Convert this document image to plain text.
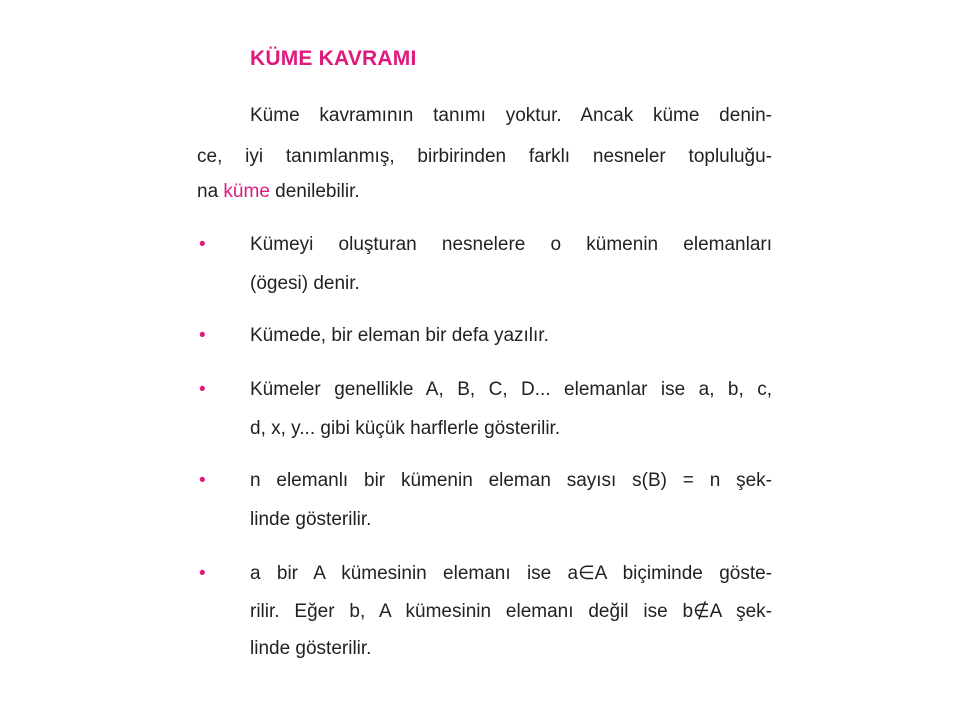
KÜME KAVRAMI
Küme kavramının tanımı yoktur. Ancak küme denin-
ce, iyi tanımlanmış, birbirinden farklı nesneler topluluğu-
na küme denilebilir.
• Kümeyi oluşturan nesnelere o kümenin elemanları
(ögesi) denir.
• Kümede, bir eleman bir defa yazılır.
• Kümeler genellikle A, B, C, D... elemanlar ise a, b, c,
d, x, y... gibi küçük harflerle gösterilir.
• n elemanlı bir kümenin eleman sayısı s(B) = n şek-
linde gösterilir.
• a bir A kümesinin elemanı ise a∈A biçiminde göste-
rilir. Eğer b, A kümesinin elemanı değil ise b∉A şek-
linde gösterilir.
